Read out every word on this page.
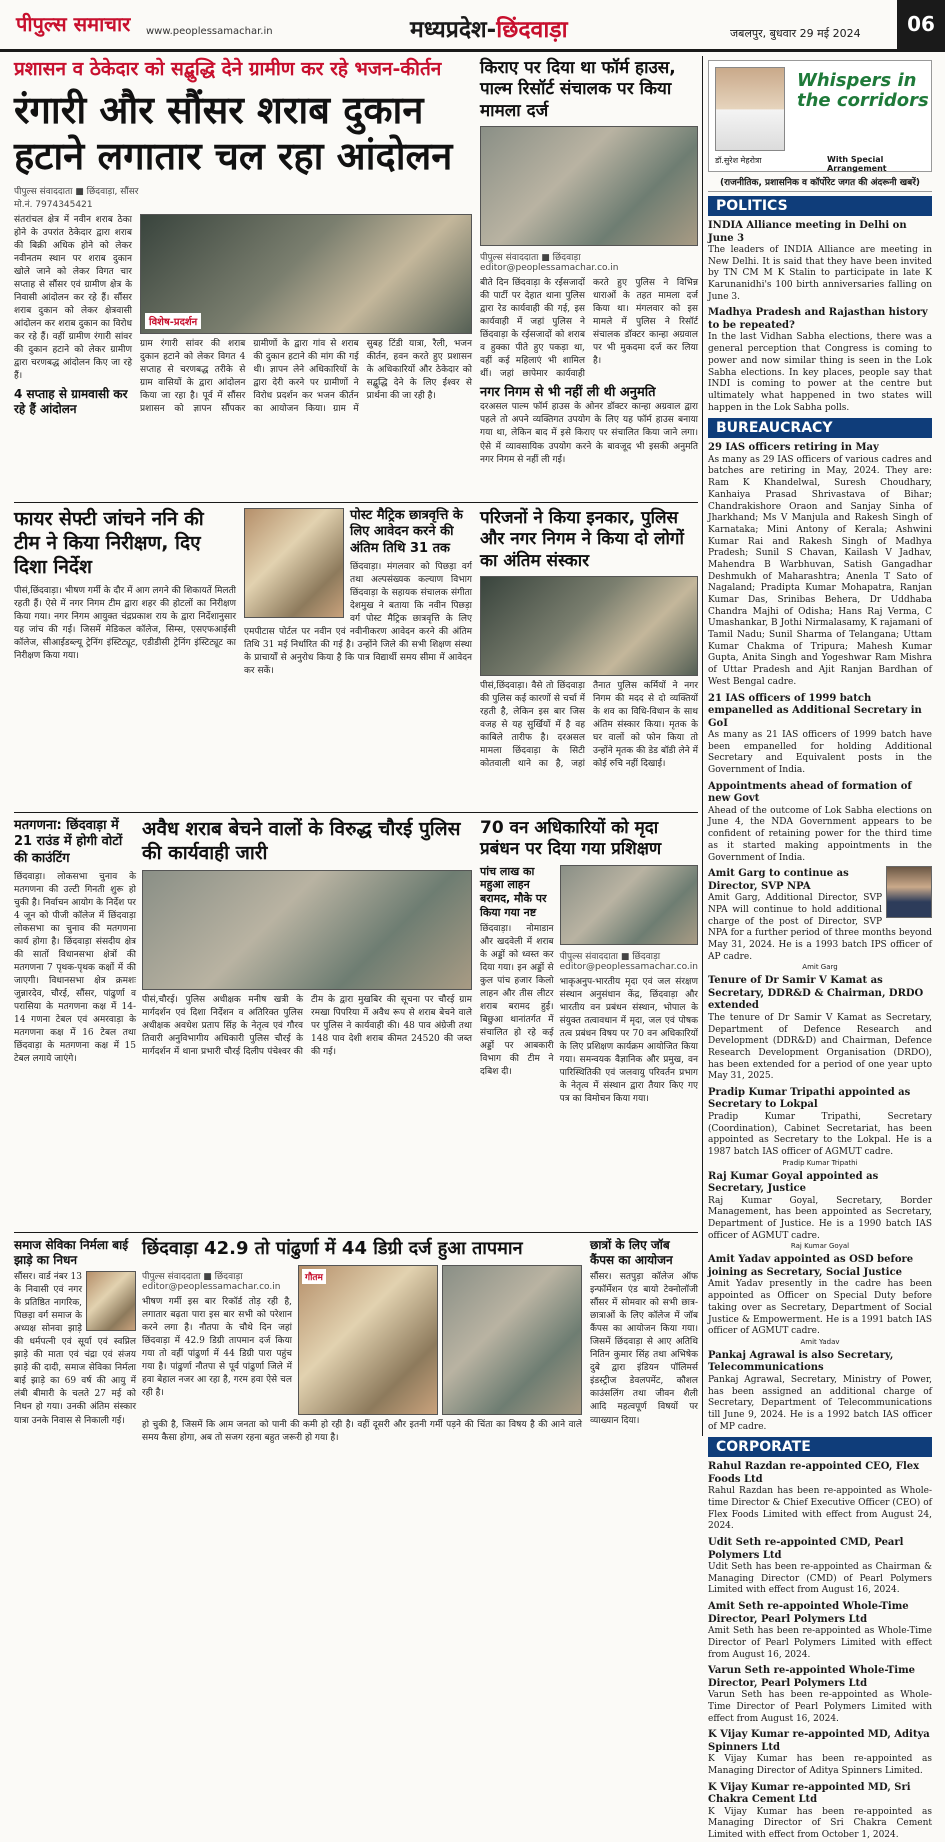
पीपुल्स समाचार www.peoplessamachar.in	मध्यप्रदेश-छिंदवाड़ा	जबलपुर, बुधवार 29 मई 2024	06
प्रशासन व ठेकेदार को सद्बुद्धि देने ग्रामीण कर रहे भजन-कीर्तन
रंगारी और सौंसर शराब दुकान हटाने लगातार चल रहा आंदोलन
पीपुल्स संवाददाता ■ छिंदवाड़ा, सौंसर
मो.नं. 7974345421

संतरांचल क्षेत्र में नवीन शराब ठेका होने के उपरांत ठेकेदार द्वारा शराब की बिक्री अधिक होने को लेकर नवीनतम स्थान पर शराब दुकान खोले जाने को लेकर विगत चार सप्ताह से सौंसर एवं ग्रामीण क्षेत्र के निवासी आंदोलन कर रहे हैं। सौंसर शराब दुकान को लेकर क्षेत्रवासी आंदोलन कर शराब दुकान का विरोध कर रहे हैं। वहीं ग्रामीण रंगारी सांवर की दुकान हटाने को लेकर ग्रामीण द्वारा चरणबद्ध आंदोलन किए जा रहे हैं।

4 सप्ताह से ग्रामवासी कर रहे हैं आंदोलन
विशेष-प्रदर्शन

ग्राम रंगारी सांवर की शराब दुकान हटाने को लेकर विगत 4 सप्ताह से चरणबद्ध तरीके से ग्राम वासियों के द्वारा आंदोलन किया जा रहा है। पूर्व में सौंसर प्रशासन को ज्ञापन सौंपकर ग्रामीणों के द्वारा गांव से शराब की दुकान हटाने की मांग की गई थी। ज्ञापन लेने अधिकारियों के द्वारा देरी करने पर ग्रामीणों ने विरोध प्रदर्शन कर भजन कीर्तन का आयोजन किया। ग्राम में सुबह टिंडी यात्रा, रैली, भजन कीर्तन, हवन करते हुए प्रशासन के अधिकारियों और ठेकेदार को सद्बुद्धि देने के लिए ईश्वर से प्रार्थना की जा रही है।

किराए पर दिया था फॉर्म हाउस, पाल्म रिसॉर्ट संचालक पर किया मामला दर्ज
पीपुल्स संवाददाता ■ छिंदवाड़ा
editor@peoplessamachar.co.in

बीते दिन छिंदवाड़ा के रईसजादों की पार्टी पर देहात थाना पुलिस द्वारा रेड कार्यवाही की गई, इस कार्यवाही में जहां पुलिस ने छिंदवाड़ा के रईसजादों को शराब व हुक्का पीते हुए पकड़ा था, वहीं कई महिलाएं भी शामिल थीं। जहां छापेमार कार्यवाही करते हुए पुलिस ने विभिन्न धाराओं के तहत मामला दर्ज किया था। मंगलवार को इस मामले में पुलिस ने रिसॉर्ट संचालक डॉक्टर कान्हा अग्रवाल पर भी मुकदमा दर्ज कर लिया है।

नगर निगम से भी नहीं ली थी अनुमति

दरअसल पाल्म फॉर्म हाउस के ओनर डॉक्टर कान्हा अग्रवाल द्वारा पहले तो अपने व्यक्तिगत उपयोग के लिए यह फॉर्म हाउस बनाया गया था, लेकिन बाद में इसे किराए पर संचालित किया जाने लगा। ऐसे में व्यावसायिक उपयोग करने के बावजूद भी इसकी अनुमति नगर निगम से नहीं ली गई।

फायर सेफ्टी जांचने ननि की टीम ने किया निरीक्षण, दिए दिशा निर्देश

पीसं,छिंदवाड़ा। भीषण गर्मी के दौर में आग लगने की शिकायतें मिलती रहती हैं। ऐसे में नगर निगम टीम द्वारा शहर की होटलों का निरीक्षण किया गया। नगर निगम आयुक्त चंद्रप्रकाश राय के द्वारा निर्देशानुसार यह जांच की गई। जिसमें मेडिकल कॉलेज, सिम्स, एसएफआईसी कॉलेज, सीआईडब्ल्यू ट्रेनिंग इंस्टिट्यूट, एडीडीसी ट्रेनिंग इंस्टिट्यूट का निरीक्षण किया गया।

पोस्ट मैट्रिक छात्रवृत्ति के लिए आवेदन करने की अंतिम तिथि 31 तक

छिंदवाड़ा। मंगलवार को पिछड़ा वर्ग तथा अल्पसंख्यक कल्याण विभाग छिंदवाड़ा के सहायक संचालक संगीता देशमुख ने बताया कि नवीन पिछड़ा वर्ग पोस्ट मैट्रिक छात्रवृत्ति के लिए एमपीटास पोर्टल पर नवीन एवं नवीनीकरण आवेदन करने की अंतिम तिथि 31 मई निर्धारित की गई है। उन्होंने जिले की सभी शिक्षण संस्था के प्राचार्यों से अनुरोध किया है कि पात्र विद्यार्थी समय सीमा में आवेदन कर सकें।

परिजनों ने किया इनकार, पुलिस और नगर निगम ने किया दो लोगों का अंतिम संस्कार

पीसं,छिंदवाड़ा। वैसे तो छिंदवाड़ा की पुलिस कई कारणों से चर्चा में रहती है, लेकिन इस बार जिस वजह से यह सुर्खियों में है वह काबिले तारीफ है। दरअसल मामला छिंदवाड़ा के सिटी कोतवाली थाने का है, जहां तैनात पुलिस कर्मियों ने नगर निगम की मदद से दो व्यक्तियों के शव का विधि-विधान के साथ अंतिम संस्कार किया। मृतक के घर वालों को फोन किया तो उन्होंने मृतक की डेड बॉडी लेने में कोई रुचि नहीं दिखाई।

मतगणना: छिंदवाड़ा में 21 राउंड में होगी वोटों की काउंटिंग

छिंदवाड़ा। लोकसभा चुनाव के मतगणना की उल्टी गिनती शुरू हो चुकी है। निर्वाचन आयोग के निर्देश पर 4 जून को पीजी कॉलेज में छिंदवाड़ा लोकसभा का चुनाव की मतगणना कार्य होगा है। छिंदवाड़ा संसदीय क्षेत्र की सातों विधानसभा क्षेत्रों की मतगणना 7 पृथक-पृथक कक्षों में की जाएगी। विधानसभा क्षेत्र क्रमशः जुन्नारदेव, चौरई, सौंसर, पांढुर्णा व परासिया के मतगणना कक्ष में 14-14 गणना टेबल एवं अमरवाड़ा के मतगणना कक्ष में 16 टेबल तथा छिंदवाड़ा के मतगणना कक्ष में 15 टेबल लगाये जाएंगे।

अवैध शराब बेचने वालों के विरुद्ध चौरई पुलिस की कार्यवाही जारी

पीसं,चौरई। पुलिस अधीक्षक मनीष खत्री के मार्गदर्शन एवं दिशा निर्देशन व अतिरिक्त पुलिस अधीक्षक अवधेश प्रताप सिंह के नेतृत्व एवं गौरव तिवारी अनुविभागीय अधिकारी पुलिस चौरई के मार्गदर्शन में थाना प्रभारी चौरई दिलीप पंचेश्वर की टीम के द्वारा मुखबिर की सूचना पर चौरई ग्राम रमखा पिपरिया में अवैध रूप से शराब बेचने वाले पर पुलिस ने कार्यवाही की। 48 पाव अंग्रेजी तथा 148 पाव देशी शराब कीमत 24520 की जब्त की गई।

70 वन अधिकारियों को मृदा प्रबंधन पर दिया गया प्रशिक्षण
पांच लाख का महुआ लाहन बरामद, मौके पर किया गया नष्ट

छिंदवाड़ा। नोमाडान और खदवेली में शराब के अड्डों को ध्वस्त कर दिया गया। इन अड्डों से कुल पांच हजार किलो लाहन और तीस लीटर शराब बरामद हुई। बिछुआ थानांतर्गत में संचालित हो रहे कई अड्डों पर आबकारी विभाग की टीम ने दबिश दी।

पीपुल्स संवाददाता ■ छिंदवाड़ा
editor@peoplessamachar.co.in

भाकृअनुप-भारतीय मृदा एवं जल संरक्षण संस्थान अनुसंधान केंद्र, छिंदवाड़ा और भारतीय वन प्रबंधन संस्थान, भोपाल के संयुक्त तत्वावधान में मृदा, जल एवं पोषक तत्व प्रबंधन विषय पर 70 वन अधिकारियों के लिए प्रशिक्षण कार्यक्रम आयोजित किया गया। समन्वयक वैज्ञानिक और प्रमुख, वन पारिस्थितिकी एवं जलवायु परिवर्तन प्रभाग के नेतृत्व में संस्थान द्वारा तैयार किए गए पत्र का विमोचन किया गया।

समाज सेविका निर्मला बाई झाड़े का निधन

सौंसर। वार्ड नंबर 13 के निवासी एवं नगर के प्रतिष्ठित नागरिक, पिछड़ा वर्ग समाज के अध्यक्ष सोनवा झाड़े की धर्मपत्नी एवं सूर्या एवं स्वप्निल झाड़े की माता एवं चंद्रा एवं संजय झाड़े की दादी, समाज सेविका निर्मला बाई झाड़े का 69 वर्ष की आयु में लंबी बीमारी के चलते 27 मई को निधन हो गया। उनकी अंतिम संस्कार यात्रा उनके निवास से निकाली गई।

छिंदवाड़ा 42.9 तो पांढुर्णा में 44 डिग्री दर्ज हुआ तापमान
पीपुल्स संवाददाता ■ छिंदवाड़ा
editor@peoplessamachar.co.in

भीषण गर्मी इस बार रिकॉर्ड तोड़ रही है, लगातार बढ़ता पारा इस बार सभी को परेशान करने लगा है। नौतपा के चौथे दिन जहां छिंदवाड़ा में 42.9 डिग्री तापमान दर्ज किया गया तो वहीं पांढुर्णा में 44 डिग्री पारा पहुंच गया है। पांढुर्णा नौतपा से पूर्व पांढुर्णा जिले में हवा बेहाल नजर आ रहा है, गरम हवा ऐसे चल रही है।

गौतम

हो चुकी है, जिसमें कि आम जनता को पानी की कमी हो रही है। वहीं दूसरी और इतनी गर्मी पड़ने की चिंता का विषय है की आने वाले समय कैसा होगा, अब तो सजग रहना बहुत जरूरी हो गया है।

छात्रों के लिए जॉब कैंपस का आयोजन

सौंसर। सतपुड़ा कॉलेज ऑफ इन्फॉर्मेशन एंड बायो टेक्नोलॉजी सौंसर में सोमवार को सभी छात्र-छात्राओं के लिए कॉलेज में जॉब कैंपस का आयोजन किया गया। जिसमें छिंदवाड़ा से आए अतिथि नितिन कुमार सिंह तथा अभिषेक दुबे द्वारा इंडियन पॉलिमर्स इंडस्ट्रीज डेवलपमेंट, कौशल काउंसलिंग तथा जीवन शैली आदि महत्वपूर्ण विषयों पर व्याख्यान दिया।

Whispers in the corridors
डॉ.सुरेश मेहरोत्रा	With Special Arrangement
(राजनीतिक, प्रशासनिक व कॉर्पोरेट जगत की अंदरूनी खबरें)
POLITICS
INDIA Alliance meeting in Delhi on June 3

The leaders of INDIA Alliance are meeting in New Delhi. It is said that they have been invited by TN CM M K Stalin to participate in late K Karunanidhi's 100 birth anniversaries falling on June 3.

Madhya Pradesh and Rajasthan history to be repeated?

In the last Vidhan Sabha elections, there was a general perception that Congress is coming to power and now similar thing is seen in the Lok Sabha elections. In key places, people say that INDI is coming to power at the centre but ultimately what happened in two states will happen in the Lok Sabha polls.

BUREAUCRACY
29 IAS officers retiring in May

As many as 29 IAS officers of various cadres and batches are retiring in May, 2024. They are: Ram K Khandelwal, Suresh Choudhary, Kanhaiya Prasad Shrivastava of Bihar; Chandrakishore Oraon and Sanjay Sinha of Jharkhand; Ms V Manjula and Rakesh Singh of Karnataka; Mini Antony of Kerala; Ashwini Kumar Rai and Rakesh Singh of Madhya Pradesh; Sunil S Chavan, Kailash V Jadhav, Mahendra B Warbhuvan, Satish Gangadhar Deshmukh of Maharashtra; Anenla T Sato of Nagaland; Pradipta Kumar Mohapatra, Ranjan Kumar Das, Srinibas Behera, Dr Uddhaba Chandra Majhi of Odisha; Hans Raj Verma, C Umashankar, B Jothi Nirmalasamy, K rajamani of Tamil Nadu; Sunil Sharma of Telangana; Uttam Kumar Chakma of Tripura; Mahesh Kumar Gupta, Anita Singh and Yogeshwar Ram Mishra of Uttar Pradesh and Ajit Ranjan Bardhan of West Bengal cadre.

21 IAS officers of 1999 batch empanelled as Additional Secretary in GoI

As many as 21 IAS officers of 1999 batch have been empanelled for holding Additional Secretary and Equivalent posts in the Government of India.

Appointments ahead of formation of new Govt

Ahead of the outcome of Lok Sabha elections on June 4, the NDA Government appears to be confident of retaining power for the third time as it started making appointments in the Government of India.

Amit Garg to continue as Director, SVP NPA

Amit Garg, Additional Director, SVP NPA will continue to hold additional charge of the post of Director, SVP NPA for a further period of three months beyond May 31, 2024. He is a 1993 batch IPS officer of AP cadre.

Amit Garg
Tenure of Dr Samir V Kamat as Secretary, DDR&D & Chairman, DRDO extended

The tenure of Dr Samir V Kamat as Secretary, Department of Defence Research and Development (DDR&D) and Chairman, Defence Research Development Organisation (DRDO), has been extended for a period of one year upto May 31, 2025.

Pradip Kumar Tripathi appointed as Secretary to Lokpal

Pradip Kumar Tripathi, Secretary (Coordination), Cabinet Secretariat, has been appointed as Secretary to the Lokpal. He is a 1987 batch IAS officer of AGMUT cadre.

Pradip Kumar Tripathi
Raj Kumar Goyal appointed as Secretary, Justice

Raj Kumar Goyal, Secretary, Border Management, has been appointed as Secretary, Department of Justice. He is a 1990 batch IAS officer of AGMUT cadre.

Raj Kumar Goyal
Amit Yadav appointed as OSD before joining as Secretary, Social Justice

Amit Yadav presently in the cadre has been appointed as Officer on Special Duty before taking over as Secretary, Department of Social Justice & Empowerment. He is a 1991 batch IAS officer of AGMUT cadre.

Amit Yadav
Pankaj Agrawal is also Secretary, Telecommunications

Pankaj Agrawal, Secretary, Ministry of Power, has been assigned an additional charge of Secretary, Department of Telecommunications till June 9, 2024. He is a 1992 batch IAS officer of MP cadre.

CORPORATE
Rahul Razdan re-appointed CEO, Flex Foods Ltd

Rahul Razdan has been re-appointed as Whole-time Director & Chief Executive Officer (CEO) of Flex Foods Limited with effect from August 24, 2024.

Udit Seth re-appointed CMD, Pearl Polymers Ltd

Udit Seth has been re-appointed as Chairman & Managing Director (CMD) of Pearl Polymers Limited with effect from August 16, 2024.

Amit Seth re-appointed Whole-Time Director, Pearl Polymers Ltd

Amit Seth has been re-appointed as Whole-Time Director of Pearl Polymers Limited with effect from August 16, 2024.

Varun Seth re-appointed Whole-Time Director, Pearl Polymers Ltd

Varun Seth has been re-appointed as Whole-Time Director of Pearl Polymers Limited with effect from August 16, 2024.

K Vijay Kumar re-appointed MD, Aditya Spinners Ltd

K Vijay Kumar has been re-appointed as Managing Director of Aditya Spinners Limited.

K Vijay Kumar re-appointed MD, Sri Chakra Cement Ltd

K Vijay Kumar has been re-appointed as Managing Director of Sri Chakra Cement Limited with effect from October 1, 2024.
